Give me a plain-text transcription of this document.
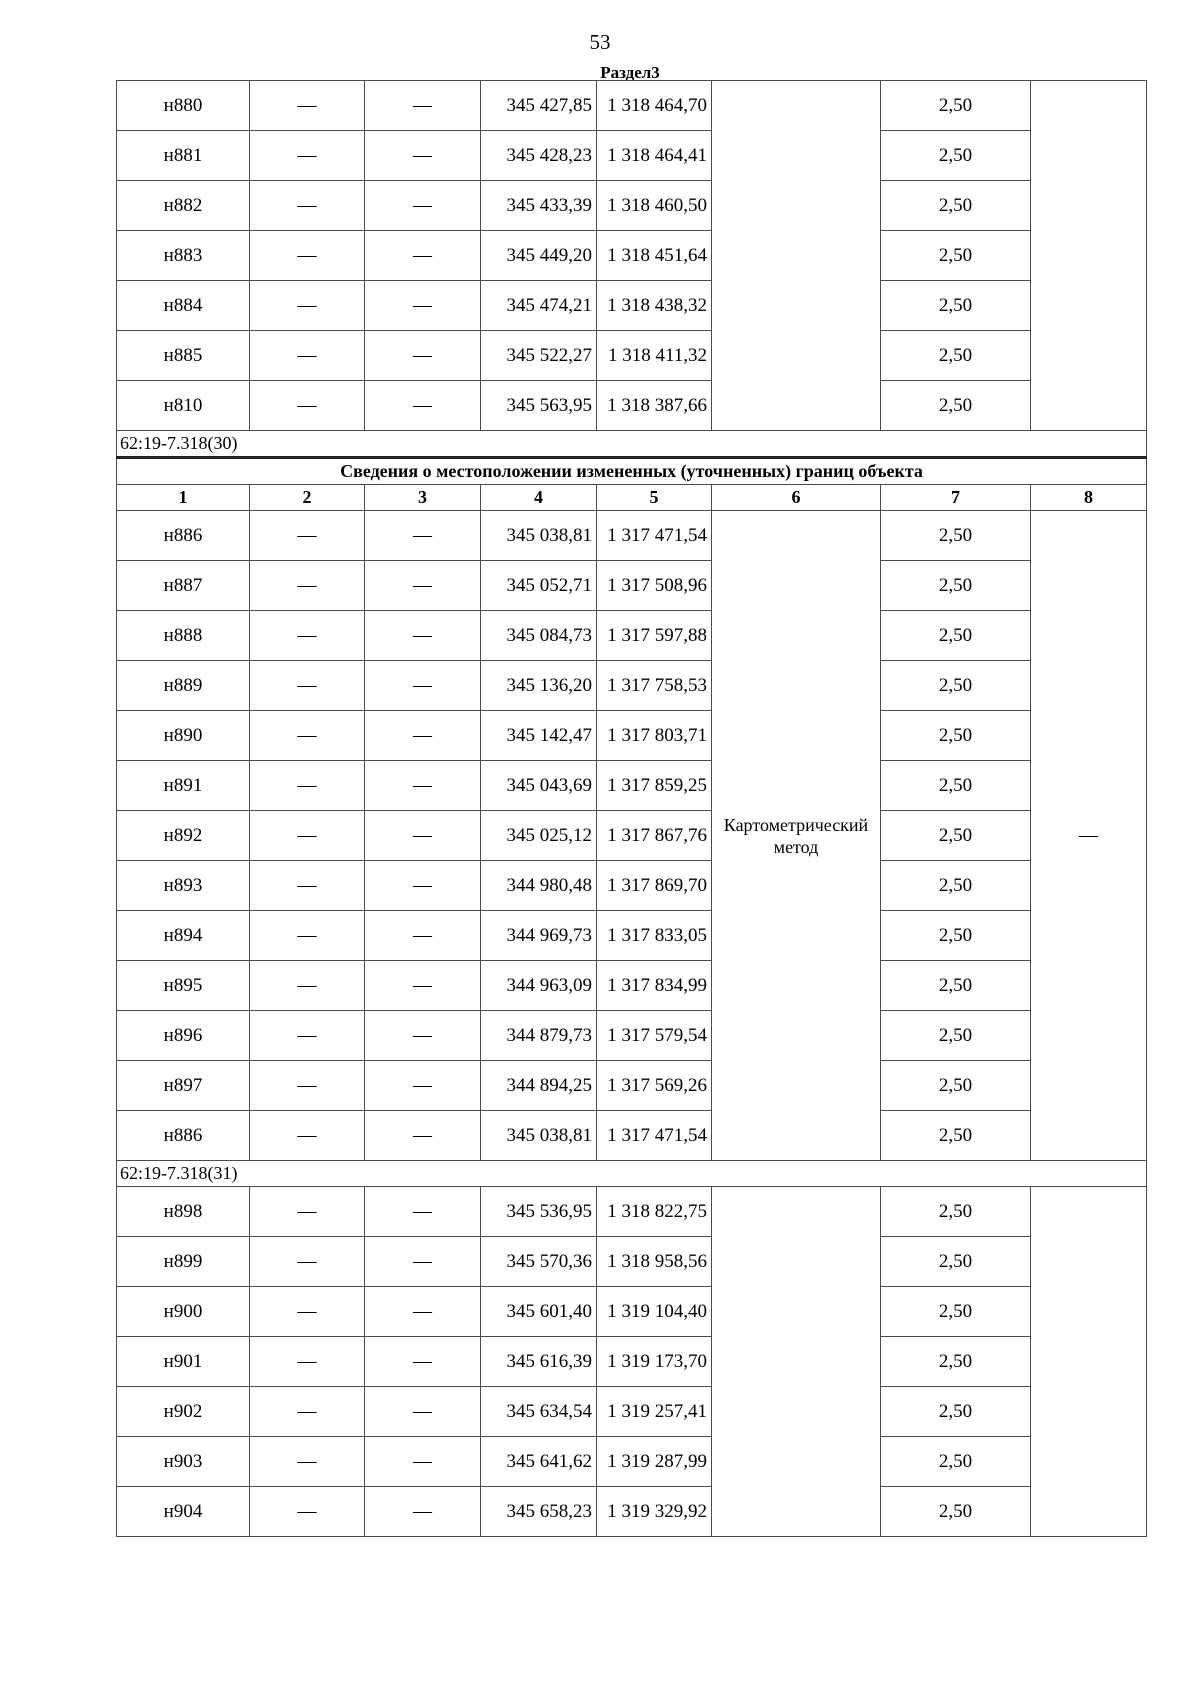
53
Раздел3
н880	—	—	345 427,85	1 318 464,70		2,50	
н881	—	—	345 428,23	1 318 464,41		2,50	
н882	—	—	345 433,39	1 318 460,50		2,50	
н883	—	—	345 449,20	1 318 451,64		2,50	
н884	—	—	345 474,21	1 318 438,32		2,50	
н885	—	—	345 522,27	1 318 411,32		2,50	
н810	—	—	345 563,95	1 318 387,66		2,50	
62:19-7.318(30)							
Сведения о местоположении измененных (уточненных) границ объекта							
1	2	3	4	5	6	7	8
н886	—	—	345 038,81	1 317 471,54	Картометрический метод	2,50	—
н887	—	—	345 052,71	1 317 508,96		2,50	
н888	—	—	345 084,73	1 317 597,88		2,50	
н889	—	—	345 136,20	1 317 758,53		2,50	
н890	—	—	345 142,47	1 317 803,71		2,50	
н891	—	—	345 043,69	1 317 859,25		2,50	
н892	—	—	345 025,12	1 317 867,76		2,50	
н893	—	—	344 980,48	1 317 869,70		2,50	
н894	—	—	344 969,73	1 317 833,05		2,50	
н895	—	—	344 963,09	1 317 834,99		2,50	
н896	—	—	344 879,73	1 317 579,54		2,50	
н897	—	—	344 894,25	1 317 569,26		2,50	
н886	—	—	345 038,81	1 317 471,54		2,50	
62:19-7.318(31)							
н898	—	—	345 536,95	1 318 822,75		2,50	
н899	—	—	345 570,36	1 318 958,56		2,50	
н900	—	—	345 601,40	1 319 104,40		2,50	
н901	—	—	345 616,39	1 319 173,70		2,50	
н902	—	—	345 634,54	1 319 257,41		2,50	
н903	—	—	345 641,62	1 319 287,99		2,50	
н904	—	—	345 658,23	1 319 329,92		2,50	
